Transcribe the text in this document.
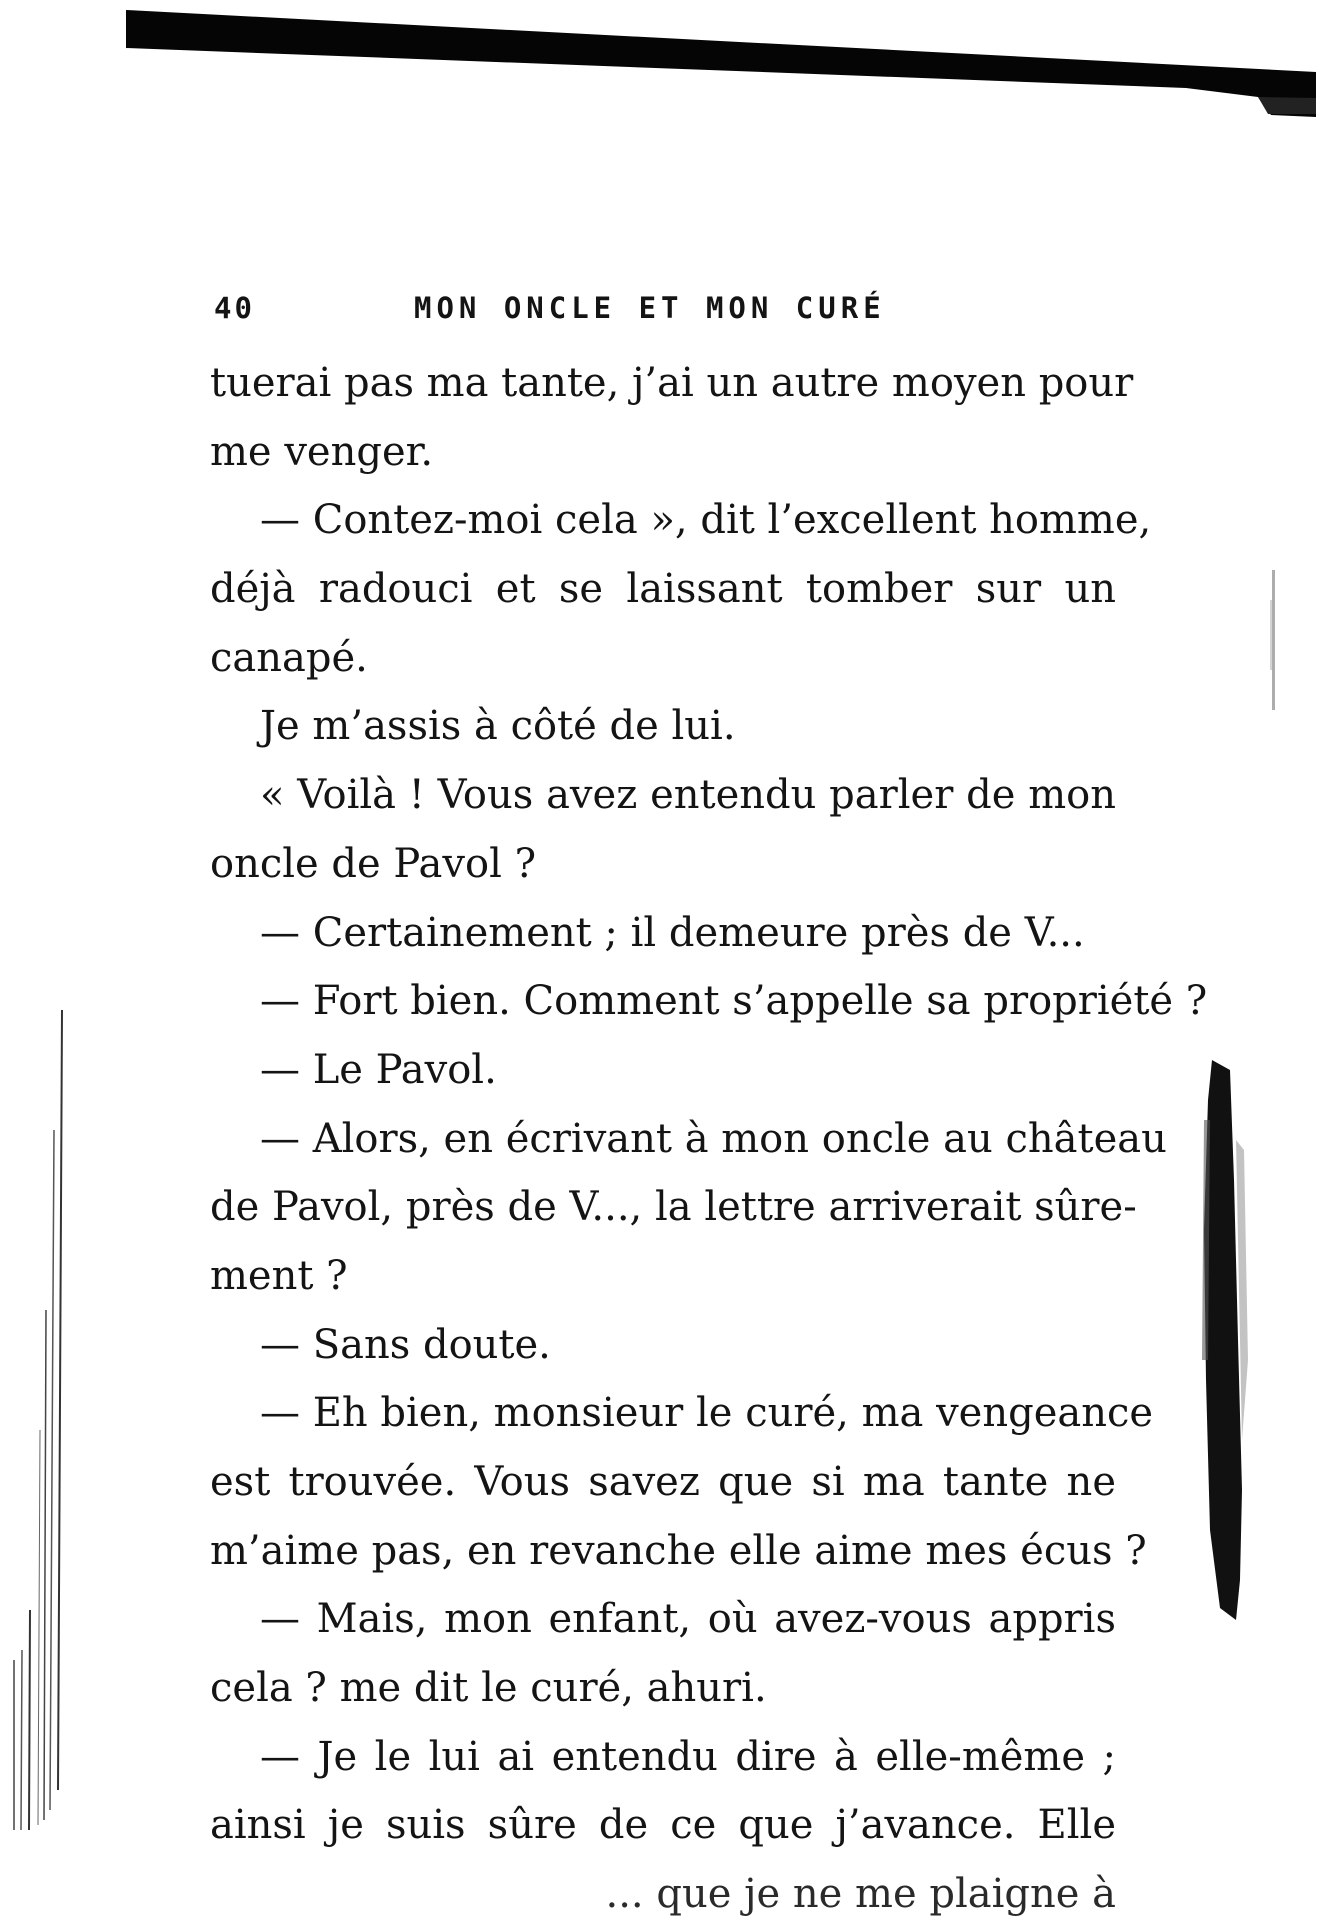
40	MON ONCLE ET MON CURÉ
tuerai pas ma tante, j’ai un autre moyen pour
me venger.
— Contez-moi cela », dit l’excellent homme,
déjà radouci et se laissant tomber sur un
canapé.
Je m’assis à côté de lui.
« Voilà ! Vous avez entendu parler de mon
oncle de Pavol ?
— Certainement ; il demeure près de V...
— Fort bien. Comment s’appelle sa propriété ?
— Le Pavol.
— Alors, en écrivant à mon oncle au château
de Pavol, près de V..., la lettre arriverait sûre-
ment ?
— Sans doute.
— Eh bien, monsieur le curé, ma vengeance
est trouvée. Vous savez que si ma tante ne
m’aime pas, en revanche elle aime mes écus ?
— Mais, mon enfant, où avez-vous appris
cela ? me dit le curé, ahuri.
— Je le lui ai entendu dire à elle-même ;
ainsi je suis sûre de ce que j’avance. Elle
... que je ne me plaigne à
